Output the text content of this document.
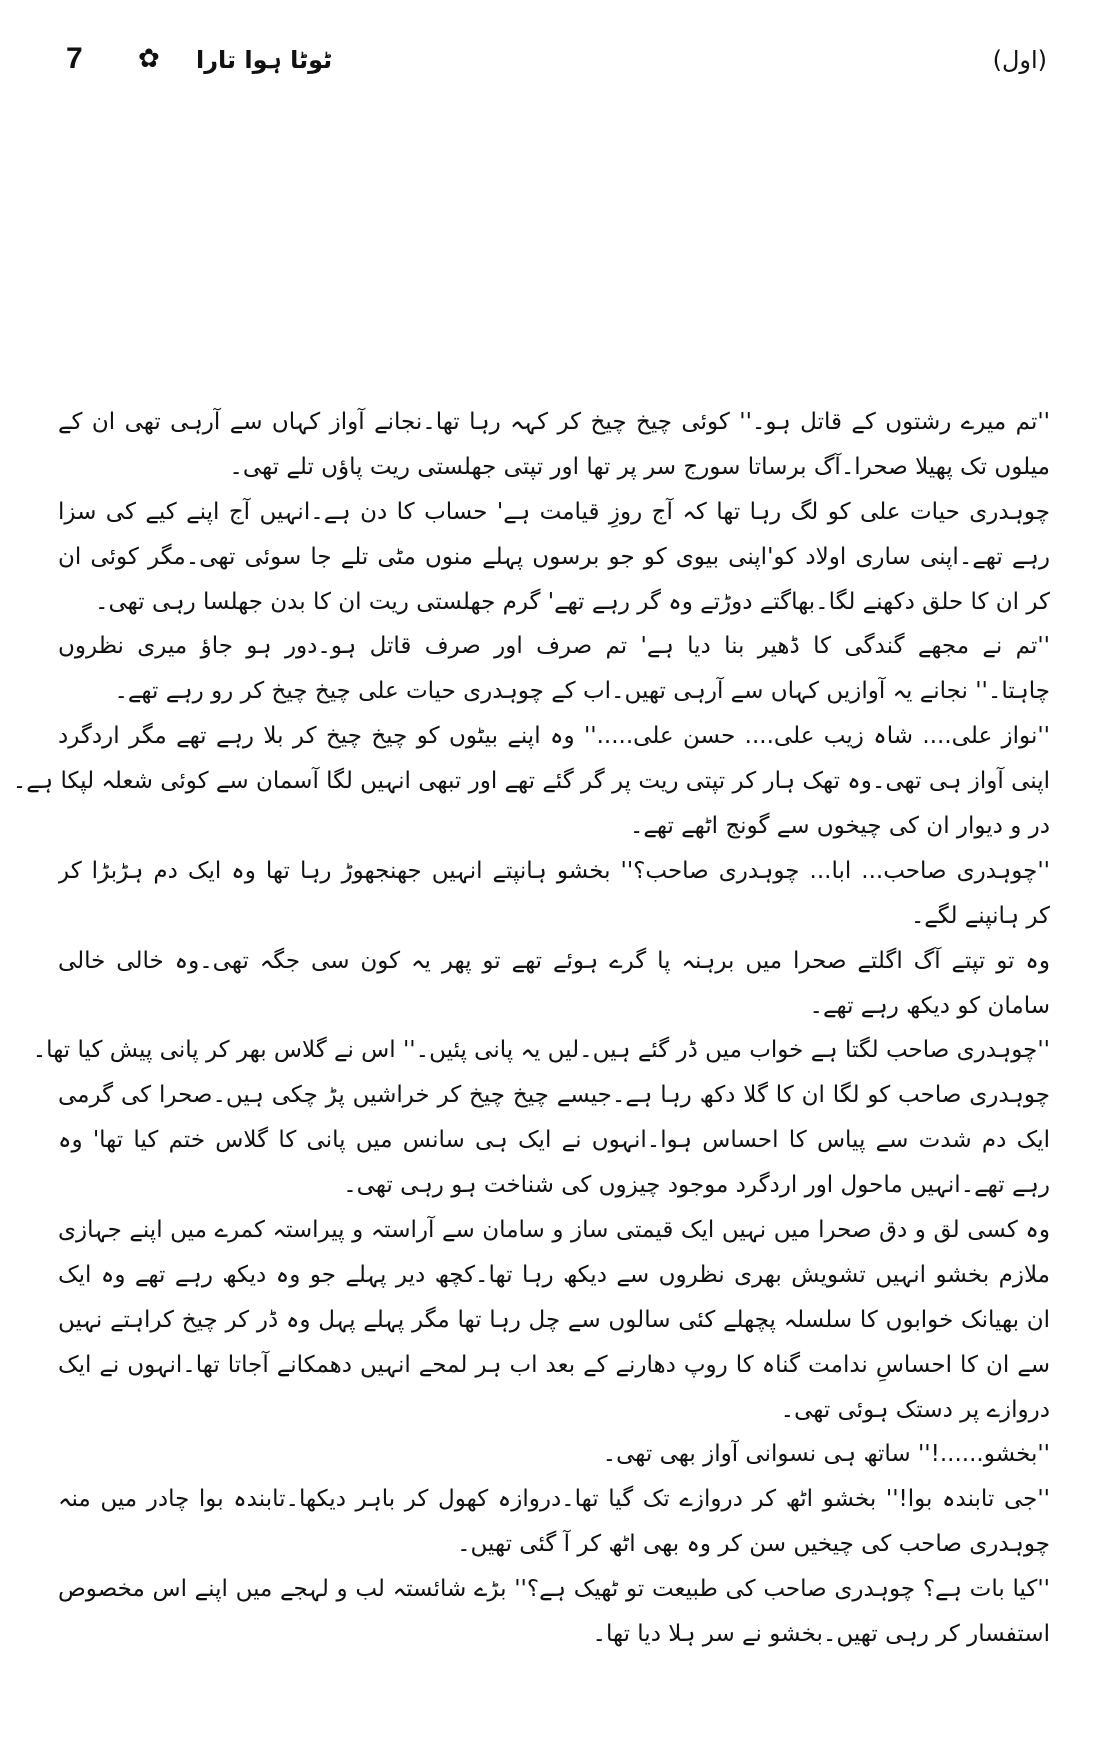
7 ✿ ٹوٹا ہوا تارا	(اول)
''تم میرے رشتوں کے قاتل ہو۔'' کوئی چیخ چیخ کر کہہ رہا تھا۔نجانے آواز کہاں سے آرہی تھی ان کے
میلوں تک پھیلا صحرا۔آگ برساتا سورج سر پر تھا اور تپتی جھلستی ریت پاؤں تلے تھی۔
چوہدری حیات علی کو لگ رہا تھا کہ آج روزِ قیامت ہے' حساب کا دن ہے۔انہیں آج اپنے کیے کی سزا
رہے تھے۔اپنی ساری اولاد کو'اپنی بیوی کو جو برسوں پہلے منوں مٹی تلے جا سوئی تھی۔مگر کوئی ان
کر ان کا حلق دکھنے لگا۔بھاگتے دوڑتے وہ گر رہے تھے' گرم جھلستی ریت ان کا بدن جھلسا رہی تھی۔
''تم نے مجھے گندگی کا ڈھیر بنا دیا ہے' تم صرف اور صرف قاتل ہو۔دور ہو جاؤ میری نظروں
چاہتا۔'' نجانے یہ آوازیں کہاں سے آرہی تھیں۔اب کے چوہدری حیات علی چیخ چیخ کر رو رہے تھے۔
''نواز علی.... شاہ زیب علی.... حسن علی.....'' وہ اپنے بیٹوں کو چیخ چیخ کر بلا رہے تھے مگر اردگرد
اپنی آواز ہی تھی۔وہ تھک ہار کر تپتی ریت پر گر گئے تھے اور تبھی انہیں لگا آسمان سے کوئی شعلہ لپکا ہے۔
در و دیوار ان کی چیخوں سے گونج اٹھے تھے۔
''چوہدری صاحب... ابا... چوہدری صاحب؟'' بخشو ہانپتے انہیں جھنجھوڑ رہا تھا وہ ایک دم ہڑبڑا کر
کر ہانپنے لگے۔
وہ تو تپتے آگ اگلتے صحرا میں برہنہ پا گرے ہوئے تھے تو پھر یہ کون سی جگہ تھی۔وہ خالی خالی
سامان کو دیکھ رہے تھے۔
''چوہدری صاحب لگتا ہے خواب میں ڈر گئے ہیں۔لیں یہ پانی پئیں۔'' اس نے گلاس بھر کر پانی پیش کیا تھا۔
چوہدری صاحب کو لگا ان کا گلا دکھ رہا ہے۔جیسے چیخ چیخ کر خراشیں پڑ چکی ہیں۔صحرا کی گرمی
ایک دم شدت سے پیاس کا احساس ہوا۔انہوں نے ایک ہی سانس میں پانی کا گلاس ختم کیا تھا' وہ
رہے تھے۔انہیں ماحول اور اردگرد موجود چیزوں کی شناخت ہو رہی تھی۔
وہ کسی لق و دق صحرا میں نہیں ایک قیمتی ساز و سامان سے آراستہ و پیراستہ کمرے میں اپنے جہازی
ملازم بخشو انہیں تشویش بھری نظروں سے دیکھ رہا تھا۔کچھ دیر پہلے جو وہ دیکھ رہے تھے وہ ایک
ان بھیانک خوابوں کا سلسلہ پچھلے کئی سالوں سے چل رہا تھا مگر پہلے پہل وہ ڈر کر چیخ کراہتے نہیں
سے ان کا احساسِ ندامت گناہ کا روپ دھارنے کے بعد اب ہر لمحے انہیں دھمکانے آجاتا تھا۔انہوں نے ایک
دروازے پر دستک ہوئی تھی۔
''بخشو......!'' ساتھ ہی نسوانی آواز بھی تھی۔
''جی تابندہ بوا!'' بخشو اٹھ کر دروازے تک گیا تھا۔دروازہ کھول کر باہر دیکھا۔تابندہ بوا چادر میں منہ
چوہدری صاحب کی چیخیں سن کر وہ بھی اٹھ کر آ گئی تھیں۔
''کیا بات ہے؟ چوہدری صاحب کی طبیعت تو ٹھیک ہے؟'' بڑے شائستہ لب و لہجے میں اپنے اس مخصوص
استفسار کر رہی تھیں۔بخشو نے سر ہلا دیا تھا۔
